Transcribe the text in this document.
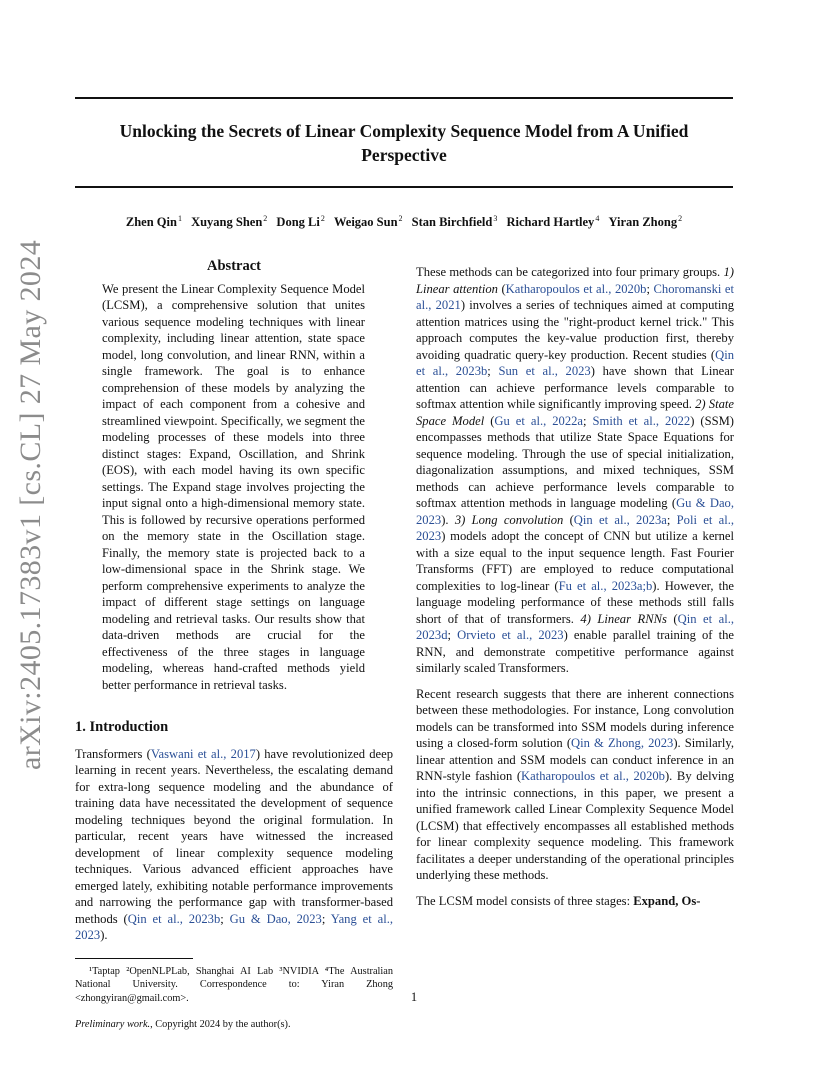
Unlocking the Secrets of Linear Complexity Sequence Model from A Unified Perspective
Zhen Qin$^1$ Xuyang Shen$^2$ Dong Li$^2$ Weigao Sun$^2$ Stan Birchfield$^3$ Richard Hartley$^4$ Yiran Zhong$^2$
arXiv:2405.17383v1 [cs.CL] 27 May 2024	Abstract

We present the Linear Complexity Sequence Model (LCSM), a comprehensive solution that unites various sequence modeling techniques with linear complexity, including linear attention, state space model, long convolution, and linear RNN, within a single framework. The goal is to enhance comprehension of these models by analyzing the impact of each component from a cohesive and streamlined viewpoint. Specifically, we segment the modeling processes of these models into three distinct stages: Expand, Oscillation, and Shrink (EOS), with each model having its own specific settings. The Expand stage involves projecting the input signal onto a high-dimensional memory state. This is followed by recursive operations performed on the memory state in the Oscillation stage. Finally, the memory state is projected back to a low-dimensional space in the Shrink stage. We perform comprehensive experiments to analyze the impact of different stage settings on language modeling and retrieval tasks. Our results show that data-driven methods are crucial for the effectiveness of the three stages in language modeling, whereas hand-crafted methods yield better performance in retrieval tasks.

1. Introduction

Transformers (Vaswani et al., 2017) have revolutionized deep learning in recent years. Nevertheless, the escalating demand for extra-long sequence modeling and the abundance of training data have necessitated the development of sequence modeling techniques beyond the original formulation. In particular, recent years have witnessed the increased development of linear complexity sequence modeling techniques. Various advanced efficient approaches have emerged lately, exhibiting notable performance improvements and narrowing the performance gap with transformer-based methods (Qin et al., 2023b; Gu & Dao, 2023; Yang et al., 2023).

¹Taptap ²OpenNLPLab, Shanghai AI Lab ³NVIDIA ⁴The Australian National University. Correspondence to: Yiran Zhong <zhongyiran@gmail.com>.

Preliminary work., Copyright 2024 by the author(s).

These methods can be categorized into four primary groups. 1) Linear attention (Katharopoulos et al., 2020b; Choromanski et al., 2021) involves a series of techniques aimed at computing attention matrices using the "right-product kernel trick." This approach computes the key-value production first, thereby avoiding quadratic query-key production. Recent studies (Qin et al., 2023b; Sun et al., 2023) have shown that Linear attention can achieve performance levels comparable to softmax attention while significantly improving speed. 2) State Space Model (Gu et al., 2022a; Smith et al., 2022) (SSM) encompasses methods that utilize State Space Equations for sequence modeling. Through the use of special initialization, diagonalization assumptions, and mixed techniques, SSM methods can achieve performance levels comparable to softmax attention methods in language modeling (Gu & Dao, 2023). 3) Long convolution (Qin et al., 2023a; Poli et al., 2023) models adopt the concept of CNN but utilize a kernel with a size equal to the input sequence length. Fast Fourier Transforms (FFT) are employed to reduce computational complexities to log-linear (Fu et al., 2023a;b). However, the language modeling performance of these methods still falls short of that of transformers. 4) Linear RNNs (Qin et al., 2023d; Orvieto et al., 2023) enable parallel training of the RNN, and demonstrate competitive performance against similarly scaled Transformers.

Recent research suggests that there are inherent connections between these methodologies. For instance, Long convolution models can be transformed into SSM models during inference using a closed-form solution (Qin & Zhong, 2023). Similarly, linear attention and SSM models can conduct inference in an RNN-style fashion (Katharopoulos et al., 2020b). By delving into the intrinsic connections, in this paper, we present a unified framework called Linear Complexity Sequence Model (LCSM) that effectively encompasses all established methods for linear complexity sequence modeling. This framework facilitates a deeper understanding of the operational principles underlying these methods.

The LCSM model consists of three stages: Expand, Os-

1
